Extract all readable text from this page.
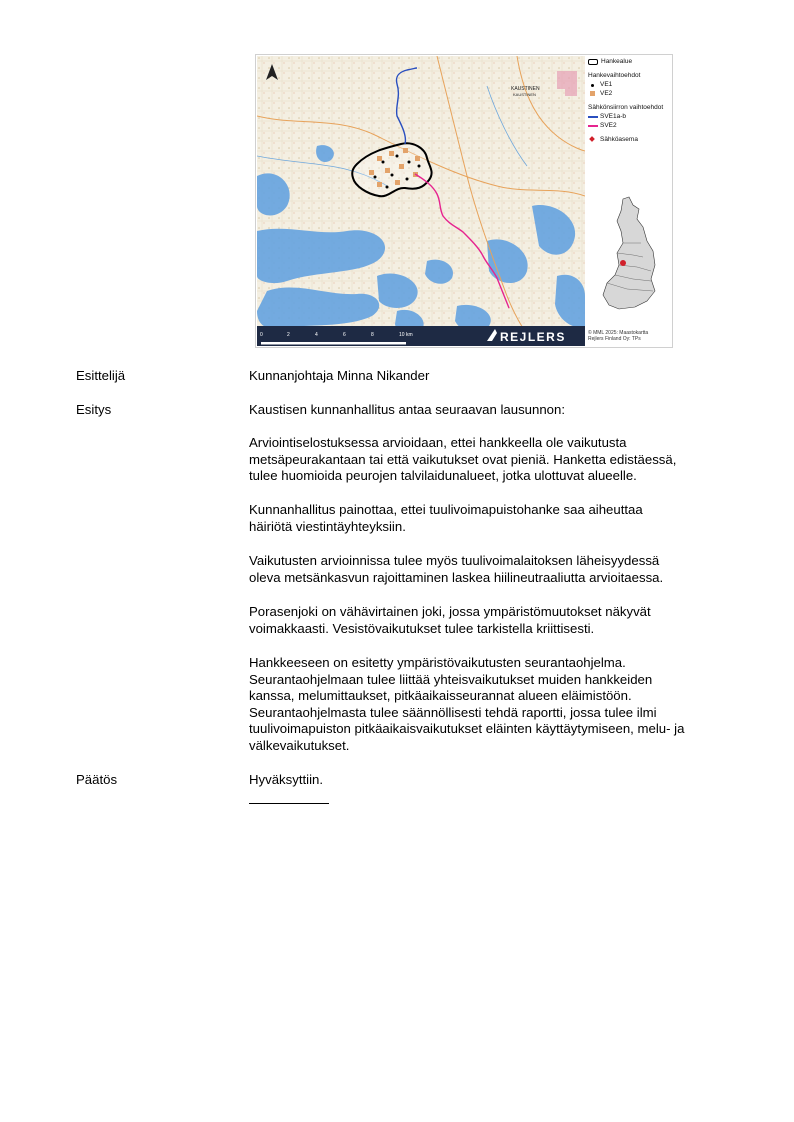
KAUSTINEN
KAUSTINEN
0	2	4	6	8	10 km	REJLERS
Hankealue
Hankevaihtoehdot
VE1
VE2
Sähkönsiirron vaihtoehdot
SVE1a-b
SVE2
Sähköasema
© MML 2025: Maastokartta
Rejlers Finland Oy: TPs
Esittelijä	Kunnanjohtaja Minna Nikander
Esitys	Kaustisen kunnanhallitus antaa seuraavan lausunnon:

Arviointiselostuksessa arvioidaan, ettei hankkeella ole vaikutusta

metsäpeurakantaan tai että vaikutukset ovat pieniä. Hanketta edistäessä,

tulee huomioida peurojen talvilaidunalueet, jotka ulottuvat alueelle.

Kunnanhallitus painottaa, ettei tuulivoimapuistohanke saa aiheuttaa

häiriötä viestintäyhteyksiin.

Vaikutusten arvioinnissa tulee myös tuulivoimalaitoksen läheisyydessä

oleva metsänkasvun rajoittaminen laskea hiilineutraaliutta arvioitaessa.

Porasenjoki on vähävirtainen joki, jossa ympäristömuutokset näkyvät

voimakkaasti. Vesistövaikutukset tulee tarkistella kriittisesti.

Hankkeeseen on esitetty ympäristövaikutusten seurantaohjelma.

Seurantaohjelmaan tulee liittää yhteisvaikutukset muiden hankkeiden

kanssa, melumittaukset, pitkäaikaisseurannat alueen eläimistöön.

Seurantaohjelmasta tulee säännöllisesti tehdä raportti, jossa tulee ilmi

tuulivoimapuiston pitkäaikaisvaikutukset eläinten käyttäytymiseen, melu- ja

välkevaikutukset.

Päätös	Hyväksyttiin.
